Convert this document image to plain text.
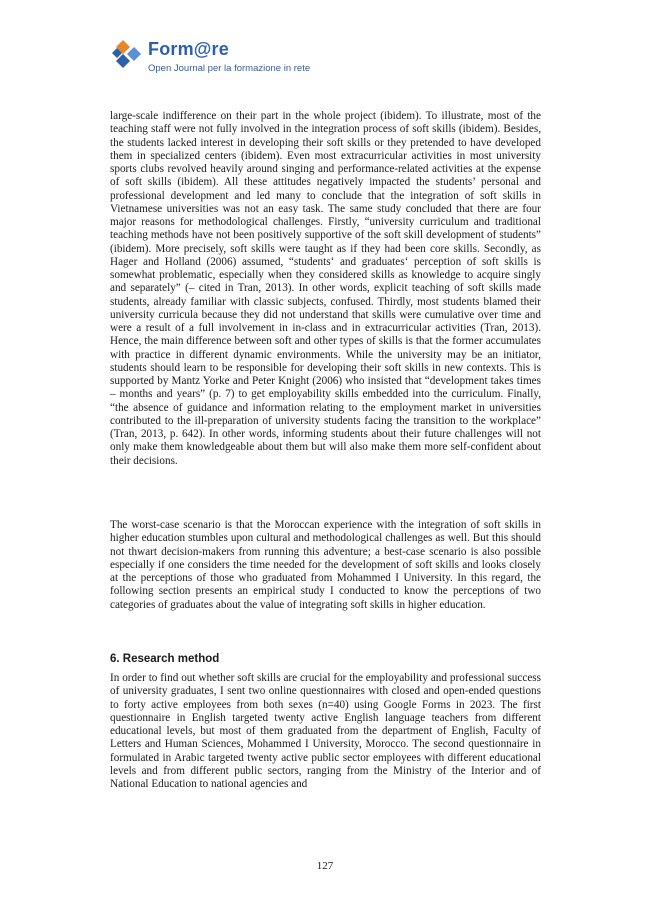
Form@re
Open Journal per la formazione in rete

large-scale indifference on their part in the whole project (ibidem). To illustrate, most of the teaching staff were not fully involved in the integration process of soft skills (ibidem). Besides, the students lacked interest in developing their soft skills or they pretended to have developed them in specialized centers (ibidem). Even most extracurricular activities in most university sports clubs revolved heavily around singing and performance-related activities at the expense of soft skills (ibidem). All these attitudes negatively impacted the students’ personal and professional development and led many to conclude that the integration of soft skills in Vietnamese universities was not an easy task. The same study concluded that there are four major reasons for methodological challenges. Firstly, “university curriculum and traditional teaching methods have not been positively supportive of the soft skill development of students” (ibidem). More precisely, soft skills were taught as if they had been core skills. Secondly, as Hager and Holland (2006) assumed, “students‘ and graduates‘ perception of soft skills is somewhat problematic, especially when they considered skills as knowledge to acquire singly and separately” (– cited in Tran, 2013). In other words, explicit teaching of soft skills made students, already familiar with classic subjects, confused. Thirdly, most students blamed their university curricula because they did not understand that skills were cumulative over time and were a result of a full involvement in in-class and in extracurricular activities (Tran, 2013). Hence, the main difference between soft and other types of skills is that the former accumulates with practice in different dynamic environments. While the university may be an initiator, students should learn to be responsible for developing their soft skills in new contexts. This is supported by Mantz Yorke and Peter Knight (2006) who insisted that “development takes times – months and years” (p. 7) to get employability skills embedded into the curriculum. Finally, “the absence of guidance and information relating to the employment market in universities contributed to the ill-preparation of university students facing the transition to the workplace” (Tran, 2013, p. 642). In other words, informing students about their future challenges will not only make them knowledgeable about them but will also make them more self-confident about their decisions.

The worst-case scenario is that the Moroccan experience with the integration of soft skills in higher education stumbles upon cultural and methodological challenges as well. But this should not thwart decision-makers from running this adventure; a best-case scenario is also possible especially if one considers the time needed for the development of soft skills and looks closely at the perceptions of those who graduated from Mohammed I University. In this regard, the following section presents an empirical study I conducted to know the perceptions of two categories of graduates about the value of integrating soft skills in higher education.

6. Research method

In order to find out whether soft skills are crucial for the employability and professional success of university graduates, I sent two online questionnaires with closed and open-ended questions to forty active employees from both sexes (n=40) using Google Forms in 2023. The first questionnaire in English targeted twenty active English language teachers from different educational levels, but most of them graduated from the department of English, Faculty of Letters and Human Sciences, Mohammed I University, Morocco. The second questionnaire in formulated in Arabic targeted twenty active public sector employees with different educational levels and from different public sectors, ranging from the Ministry of the Interior and of National Education to national agencies and

127
